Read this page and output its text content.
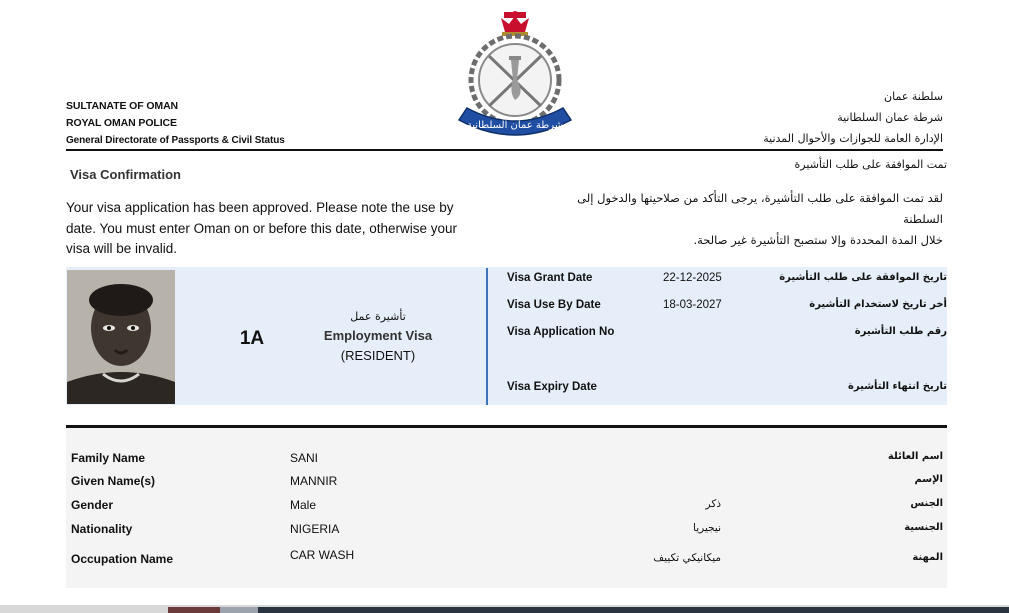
SULTANATE OF OMAN
ROYAL OMAN POLICE
General Directorate of Passports & Civil Status
شرطة عمان السلطانية
سلطنة عمان
شرطة عمان السلطانية
الإدارة العامة للجوازات والأحوال المدنية
تمت الموافقة على طلب التأشيرة
Visa Confirmation
Your visa application has been approved. Please note the use by date. You must enter Oman on or before this date, otherwise your visa will be invalid.
لقد تمت الموافقة على طلب التأشيرة، يرجى التأكد من صلاحيتها والدخول إلى السلطنة
خلال المدة المحددة وإلا ستصبح التأشيرة غير صالحة.
1A
تأشيرة عمل
Employment Visa
(RESIDENT)
Visa Grant Date	22-12-2025	تاريخ الموافقة على طلب التأشيرة
Visa Use By Date	18-03-2027	أخر تاريخ لاستخدام التأشيرة
Visa Application No	رقم طلب التأشيرة
Visa Expiry Date	تاريخ انتهاء التأشيرة
Family Name	SANI	اسم العائلة
Given Name(s)	MANNIR	الإسم
Gender	Male	ذكر	الجنس
Nationality	NIGERIA	نيجيريا	الجنسية
Occupation Name	CAR WASH	ميكانيكي تكييف	المهنة
